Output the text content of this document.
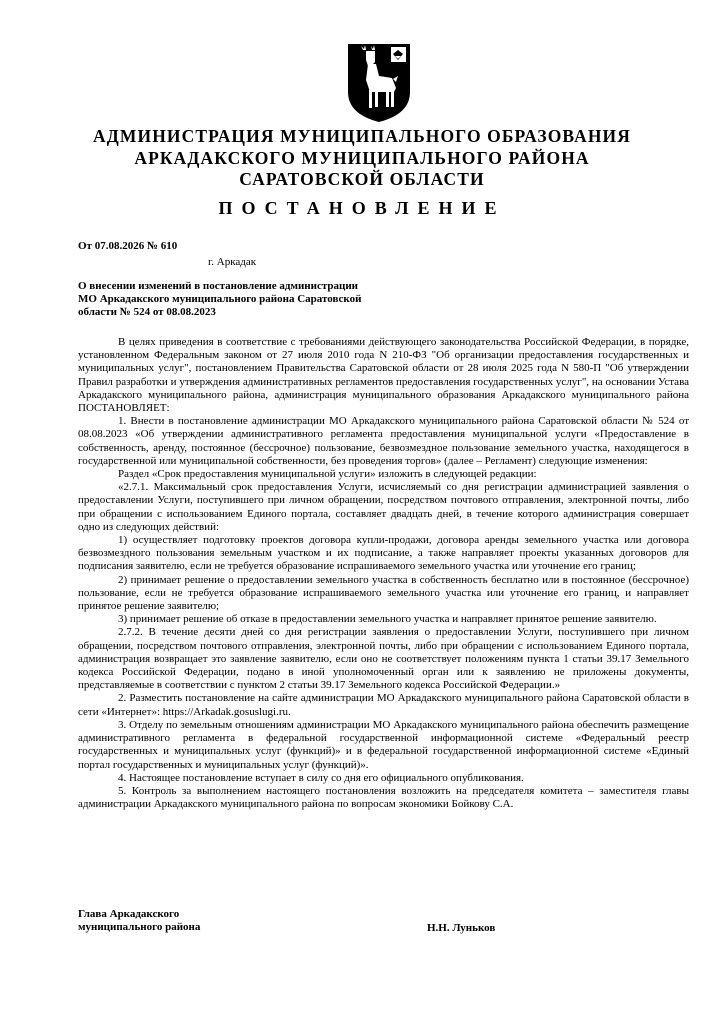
АДМИНИСТРАЦИЯ МУНИЦИПАЛЬНОГО ОБРАЗОВАНИЯ
АРКАДАКСКОГО МУНИЦИПАЛЬНОГО РАЙОНА
САРАТОВСКОЙ ОБЛАСТИ
ПОСТАНОВЛЕНИЕ
От 07.08.2026 № 610
г. Аркадак
О внесении изменений в постановление администрации
МО Аркадакского муниципального района Саратовской
области № 524 от 08.08.2023

В целях приведения в соответствие с требованиями действующего законодательства Российской Федерации, в порядке, установленном Федеральным законом от 27 июля 2010 года N 210-ФЗ "Об организации предоставления государственных и муниципальных услуг", постановлением Правительства Саратовской области от 28 июля 2025 года N 580-П "Об утверждении Правил разработки и утверждения административных регламентов предоставления государственных услуг", на основании Устава Аркадакского муниципального района, администрация муниципального образования Аркадакского муниципального района ПОСТАНОВЛЯЕТ:

1. Внести в постановление администрации МО Аркадакского муниципального района Саратовской области № 524 от 08.08.2023 «Об утверждении административного регламента предоставления муниципальной услуги «Предоставление в собственность, аренду, постоянное (бессрочное) пользование, безвозмездное пользование земельного участка, находящегося в государственной или муниципальной собственности, без проведения торгов» (далее – Регламент) следующие изменения:

Раздел «Срок предоставления муниципальной услуги» изложить в следующей редакции:

«2.7.1. Максимальный срок предоставления Услуги, исчисляемый со дня регистрации администрацией заявления о предоставлении Услуги, поступившего при личном обращении, посредством почтового отправления, электронной почты, либо при обращении с использованием Единого портала, составляет двадцать дней, в течение которого администрация совершает одно из следующих действий:

1) осуществляет подготовку проектов договора купли-продажи, договора аренды земельного участка или договора безвозмездного пользования земельным участком и их подписание, а также направляет проекты указанных договоров для подписания заявителю, если не требуется образование испрашиваемого земельного участка или уточнение его границ;

2) принимает решение о предоставлении земельного участка в собственность бесплатно или в постоянное (бессрочное) пользование, если не требуется образование испрашиваемого земельного участка или уточнение его границ, и направляет принятое решение заявителю;

3) принимает решение об отказе в предоставлении земельного участка и направляет принятое решение заявителю.

2.7.2. В течение десяти дней со дня регистрации заявления о предоставлении Услуги, поступившего при личном обращении, посредством почтового отправления, электронной почты, либо при обращении с использованием Единого портала, администрация возвращает это заявление заявителю, если оно не соответствует положениям пункта 1 статьи 39.17 Земельного кодекса Российской Федерации, подано в иной уполномоченный орган или к заявлению не приложены документы, представляемые в соответствии с пунктом 2 статьи 39.17 Земельного кодекса Российской Федерации.»

2. Разместить постановление на сайте администрации МО Аркадакского муниципального района Саратовской области в сети «Интернет»: https://Arkadak.gosuslugi.ru.

3. Отделу по земельным отношениям администрации МО Аркадакского муниципального района обеспечить размещение административного регламента в федеральной государственной информационной системе «Федеральный реестр государственных и муниципальных услуг (функций)» и в федеральной государственной информационной системе «Единый портал государственных и муниципальных услуг (функций)».

4. Настоящее постановление вступает в силу со дня его официального опубликования.

5. Контроль за выполнением настоящего постановления возложить на председателя комитета – заместителя главы администрации Аркадакского муниципального района по вопросам экономики Бойкову С.А.

Глава Аркадакского
муниципального района	Н.Н. Луньков
